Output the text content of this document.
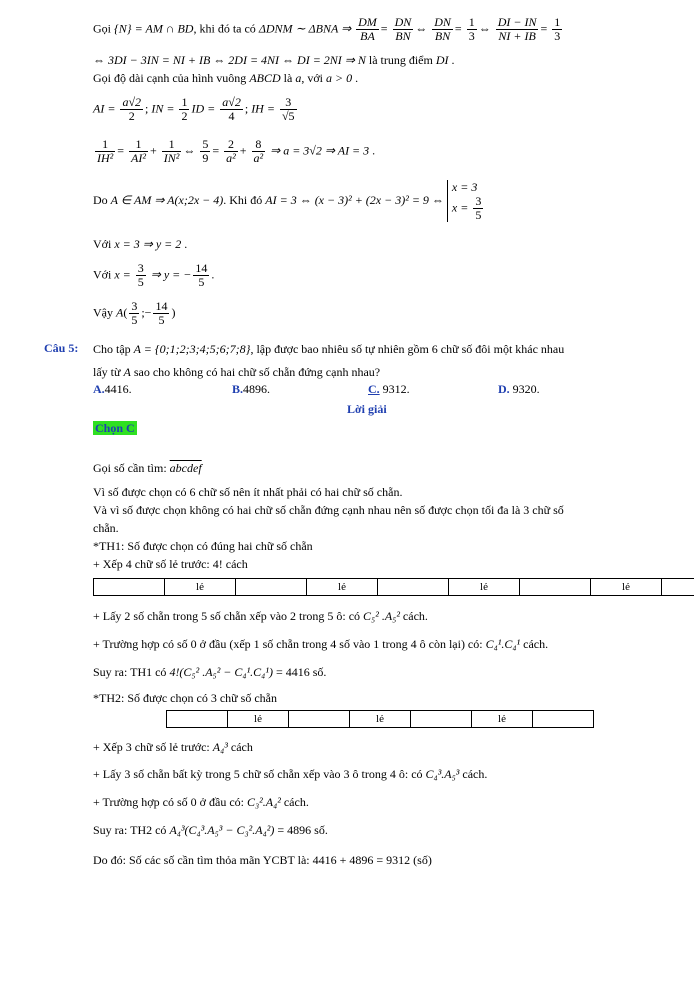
Gọi {N} = AM ∩ BD, khi đó ta có ΔDNM ∼ ΔBNA ⇒ $\frac{DM}{BA} = \frac{DN}{BN}$ ⇔ $\frac{DN}{BN} = \frac{1}{3}$ ⇔ $\frac{DI - IN}{NI + IB} = \frac{1}{3}$
⇔ 3DI − 3IN = NI + IB ⇔ 2DI = 4NI ⇔ DI = 2NI ⇒ N là trung điểm DI .
Gọi độ dài cạnh của hình vuông ABCD là a, với a > 0 .
AI = $\frac{a√2}{2}$ ; IN = $\frac{1}{2}$ ID = $\frac{a√2}{4}$ ; IH = $\frac{3}{√5}$
$\frac{1}{\text{IH²}} = \frac{1}{\text{AI²}} + \frac{1}{\text{IN²}}$ ⇔ $\frac{5}{9} = \frac{2}{\text{a²}} + \frac{8}{\text{a²}}$ ⇒ a = 3√2 ⇒ AI = 3 .
Do A ∈ AM ⇒ A(x;2x − 4). Khi đó AI = 3 ⇔ (x − 3)² + (2x − 3)² = 9 ⇔ x = 3
$x = \frac{3}{5}$
Với x = 3 ⇒ y = 2 .
Với $x = \frac{3}{5}$ ⇒ y = − $\frac{14}{5}$ .
Vậy $A( \frac{3}{5}$ ;− $\frac{14}{5}$ )
Câu 5: Cho tập A = {0;1;2;3;4;5;6;7;8}, lập được bao nhiêu số tự nhiên gồm 6 chữ số đôi một khác nhau
lấy từ A sao cho không có hai chữ số chẵn đứng cạnh nhau?
A.4416.	B.4896.	C. 9312.	D. 9320.
Lời giải
Chọn C
Gọi số cần tìm: abcdef
Vì số được chọn có 6 chữ số nên ít nhất phải có hai chữ số chẵn.
Và vì số được chọn không có hai chữ số chẵn đứng cạnh nhau nên số được chọn tối đa là 3 chữ số
chẵn.
*TH1: Số được chọn có đúng hai chữ số chẵn
+ Xếp 4 chữ số lẻ trước: 4! cách
	lẻ		lẻ		lẻ		lẻ	
+ Lấy 2 số chẵn trong 5 số chẵn xếp vào 2 trong 5 ô: có C₅² .A₅² cách.
+ Trường hợp có số 0 ở đầu (xếp 1 số chẵn trong 4 số vào 1 trong 4 ô còn lại) có: C₄¹.C₄¹ cách.
Suy ra: TH1 có 4!(C₅² .A₅² − C₄¹.C₄¹) = 4416 số.
*TH2: Số được chọn có 3 chữ số chẵn
	lẻ		lẻ		lẻ	
+ Xếp 3 chữ số lẻ trước: A₄³ cách
+ Lấy 3 số chẵn bất kỳ trong 5 chữ số chẵn xếp vào 3 ô trong 4 ô: có C₄³.A₅³ cách.
+ Trường hợp có số 0 ở đầu có: C₃².A₄² cách.
Suy ra: TH2 có A₄³(C₄³.A₅³ − C₃².A₄²) = 4896 số.
Do đó: Số các số cần tìm thỏa mãn YCBT là: 4416 + 4896 = 9312 (số)
